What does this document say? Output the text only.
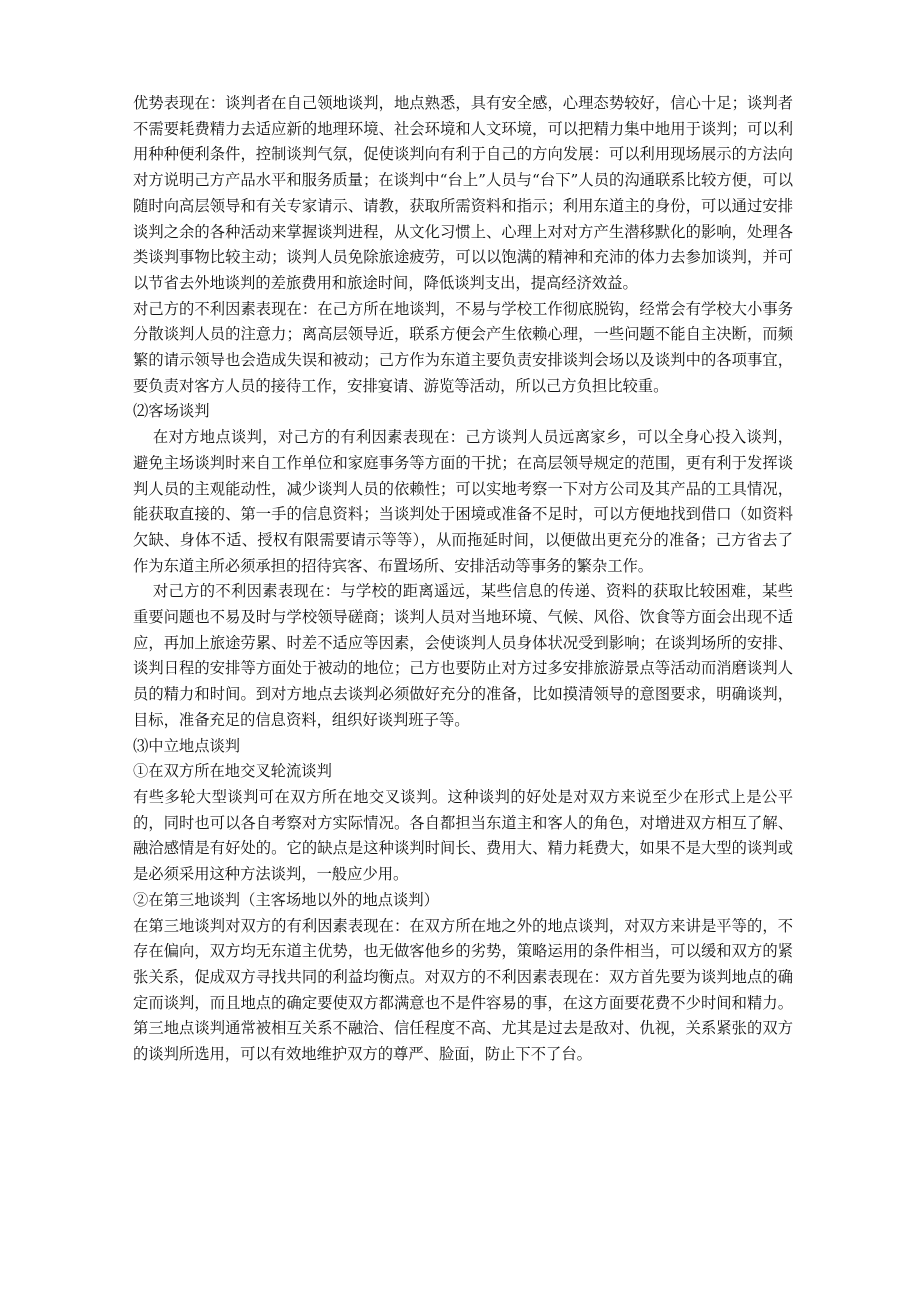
优势表现在：谈判者在自己领地谈判，地点熟悉，具有安全感，心理态势较好，信心十足；谈判者不需要耗费精力去适应新的地理环境、社会环境和人文环境，可以把精力集中地用于谈判；可以利用种种便利条件，控制谈判气氛，促使谈判向有利于自己的方向发展：可以利用现场展示的方法向对方说明己方产品水平和服务质量；在谈判中“台上”人员与“台下”人员的沟通联系比较方便，可以随时向高层领导和有关专家请示、请教，获取所需资料和指示；利用东道主的身份，可以通过安排谈判之余的各种活动来掌握谈判进程，从文化习惯上、心理上对对方产生潜移默化的影响，处理各类谈判事物比较主动；谈判人员免除旅途疲劳，可以以饱满的精神和充沛的体力去参加谈判，并可以节省去外地谈判的差旅费用和旅途时间，降低谈判支出，提高经济效益。

对己方的不利因素表现在：在己方所在地谈判，不易与学校工作彻底脱钩，经常会有学校大小事务分散谈判人员的注意力；离高层领导近，联系方便会产生依赖心理，一些问题不能自主决断，而频繁的请示领导也会造成失误和被动；己方作为东道主要负责安排谈判会场以及谈判中的各项事宜，要负责对客方人员的接待工作，安排宴请、游览等活动，所以己方负担比较重。

⑵客场谈判

在对方地点谈判，对己方的有利因素表现在：己方谈判人员远离家乡，可以全身心投入谈判，避免主场谈判时来自工作单位和家庭事务等方面的干扰；在高层领导规定的范围，更有利于发挥谈判人员的主观能动性，减少谈判人员的依赖性；可以实地考察一下对方公司及其产品的工具情况，能获取直接的、第一手的信息资料；当谈判处于困境或准备不足时，可以方便地找到借口（如资料欠缺、身体不适、授权有限需要请示等等），从而拖延时间，以便做出更充分的准备；己方省去了作为东道主所必须承担的招待宾客、布置场所、安排活动等事务的繁杂工作。

对己方的不利因素表现在：与学校的距离遥远，某些信息的传递、资料的获取比较困难，某些重要问题也不易及时与学校领导磋商；谈判人员对当地环境、气候、风俗、饮食等方面会出现不适应，再加上旅途劳累、时差不适应等因素，会使谈判人员身体状况受到影响；在谈判场所的安排、谈判日程的安排等方面处于被动的地位；己方也要防止对方过多安排旅游景点等活动而消磨谈判人员的精力和时间。到对方地点去谈判必须做好充分的准备，比如摸清领导的意图要求，明确谈判，目标，准备充足的信息资料，组织好谈判班子等。

⑶中立地点谈判

①在双方所在地交叉轮流谈判

有些多轮大型谈判可在双方所在地交叉谈判。这种谈判的好处是对双方来说至少在形式上是公平的，同时也可以各自考察对方实际情况。各自都担当东道主和客人的角色，对增进双方相互了解、融洽感情是有好处的。它的缺点是这种谈判时间长、费用大、精力耗费大，如果不是大型的谈判或是必须采用这种方法谈判，一般应少用。

②在第三地谈判（主客场地以外的地点谈判）

在第三地谈判对双方的有利因素表现在：在双方所在地之外的地点谈判，对双方来讲是平等的，不存在偏向，双方均无东道主优势，也无做客他乡的劣势，策略运用的条件相当，可以缓和双方的紧张关系，促成双方寻找共同的利益均衡点。对双方的不利因素表现在：双方首先要为谈判地点的确定而谈判，而且地点的确定要使双方都满意也不是件容易的事，在这方面要花费不少时间和精力。第三地点谈判通常被相互关系不融洽、信任程度不高、尤其是过去是敌对、仇视，关系紧张的双方的谈判所选用，可以有效地维护双方的尊严、脸面，防止下不了台。
